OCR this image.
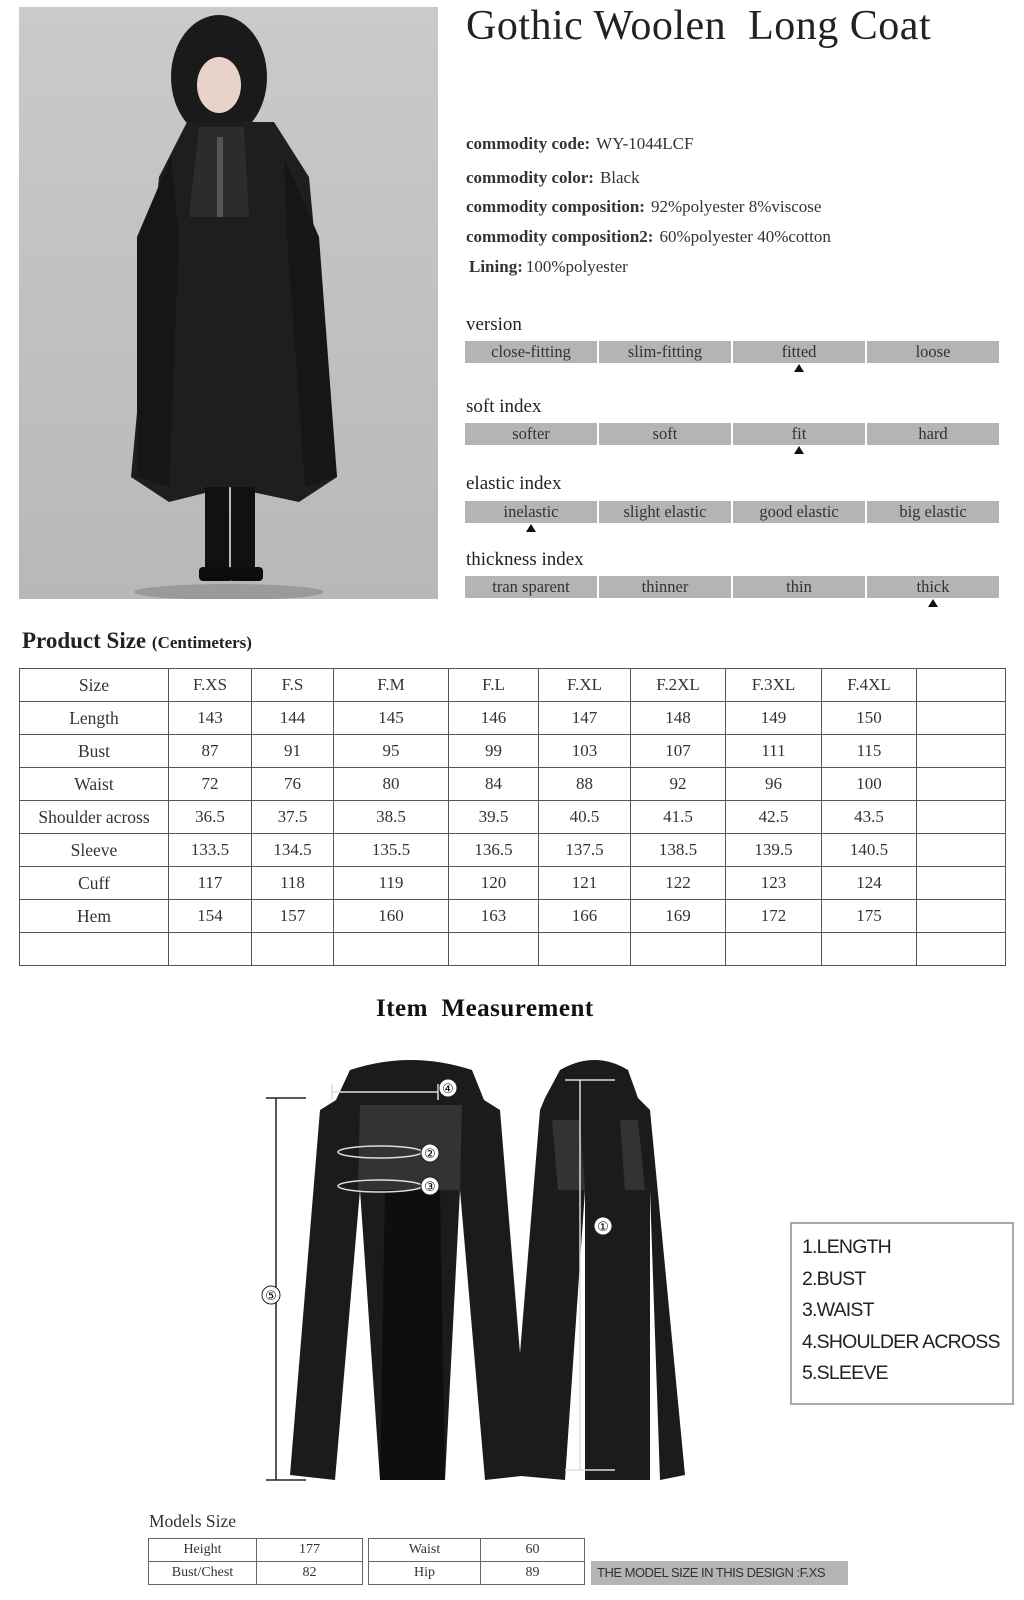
Gothic Woolen  Long Coat
commodity code: WY-1044LCF
commodity color: Black
commodity composition: 92%polyester 8%viscose
commodity composition2: 60%polyester 40%cotton
Lining: 100%polyester
version
close-fitting	slim-fitting	fitted	loose
soft index
softer	soft	fit	hard
elastic index
inelastic	slight elastic	good elastic	big elastic
thickness index
tran sparent	thinner	thin	thick
Product Size (Centimeters)
Size	F.XS	F.S	F.M	F.L	F.XL	F.2XL	F.3XL	F.4XL	
Length	143	144	145	146	147	148	149	150	
Bust	87	91	95	99	103	107	111	115	
Waist	72	76	80	84	88	92	96	100	
Shoulder across	36.5	37.5	38.5	39.5	40.5	41.5	42.5	43.5	
Sleeve	133.5	134.5	135.5	136.5	137.5	138.5	139.5	140.5	
Cuff	117	118	119	120	121	122	123	124	
Hem	154	157	160	163	166	169	172	175	

Item  Measurement
⑤
④
②
③
①
1.LENGTH
2.BUST
3.WAIST
4.SHOULDER ACROSS
5.SLEEVE
Models Size
Height	177
Bust/Chest	82
Waist	60
Hip	89	THE MODEL SIZE IN THIS DESIGN :F.XS
